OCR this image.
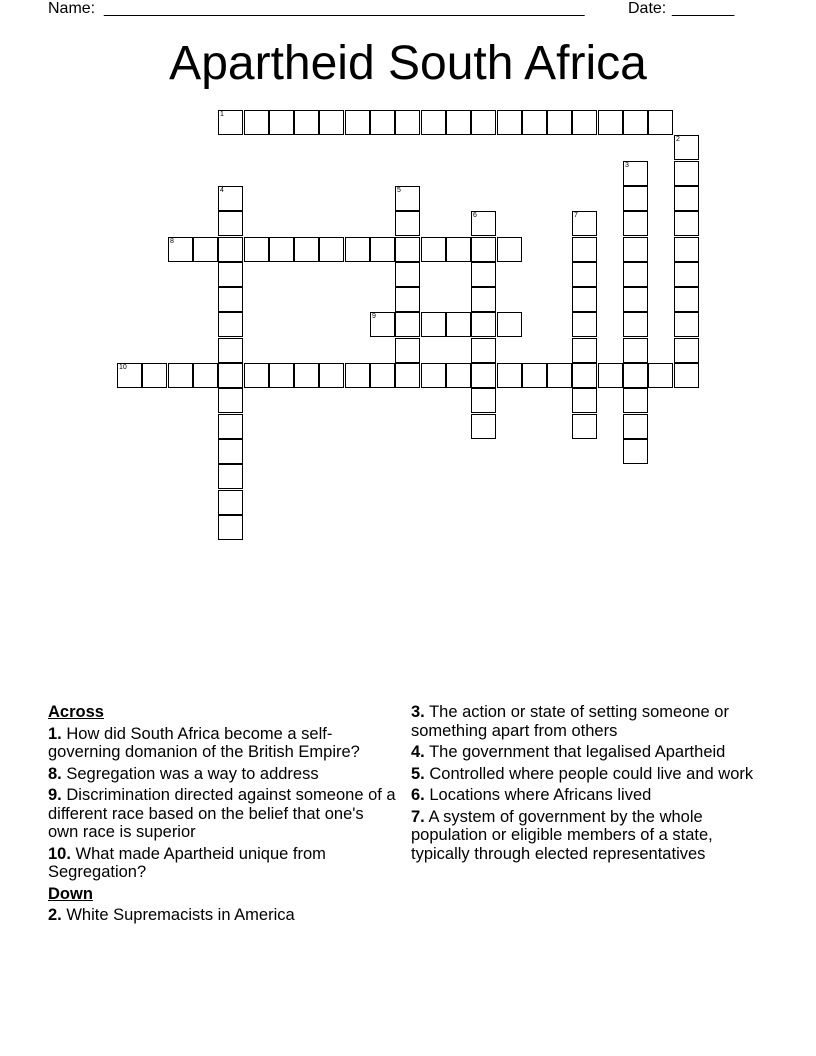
Name: ______________________________________________________	Date: _______
Apartheid South Africa
1
2
3
4	5
6	7
8
9
10
Across
1. How did South Africa become a self-governing domanion of the British Empire?
8. Segregation was a way to address
9. Discrimination directed against someone of a different race based on the belief that one's own race is superior
10. What made Apartheid unique from Segregation?
Down
2. White Supremacists in America
3. The action or state of setting someone or something apart from others
4. The government that legalised Apartheid
5. Controlled where people could live and work
6. Locations where Africans lived
7. A system of government by the whole population or eligible members of a state, typically through elected representatives
